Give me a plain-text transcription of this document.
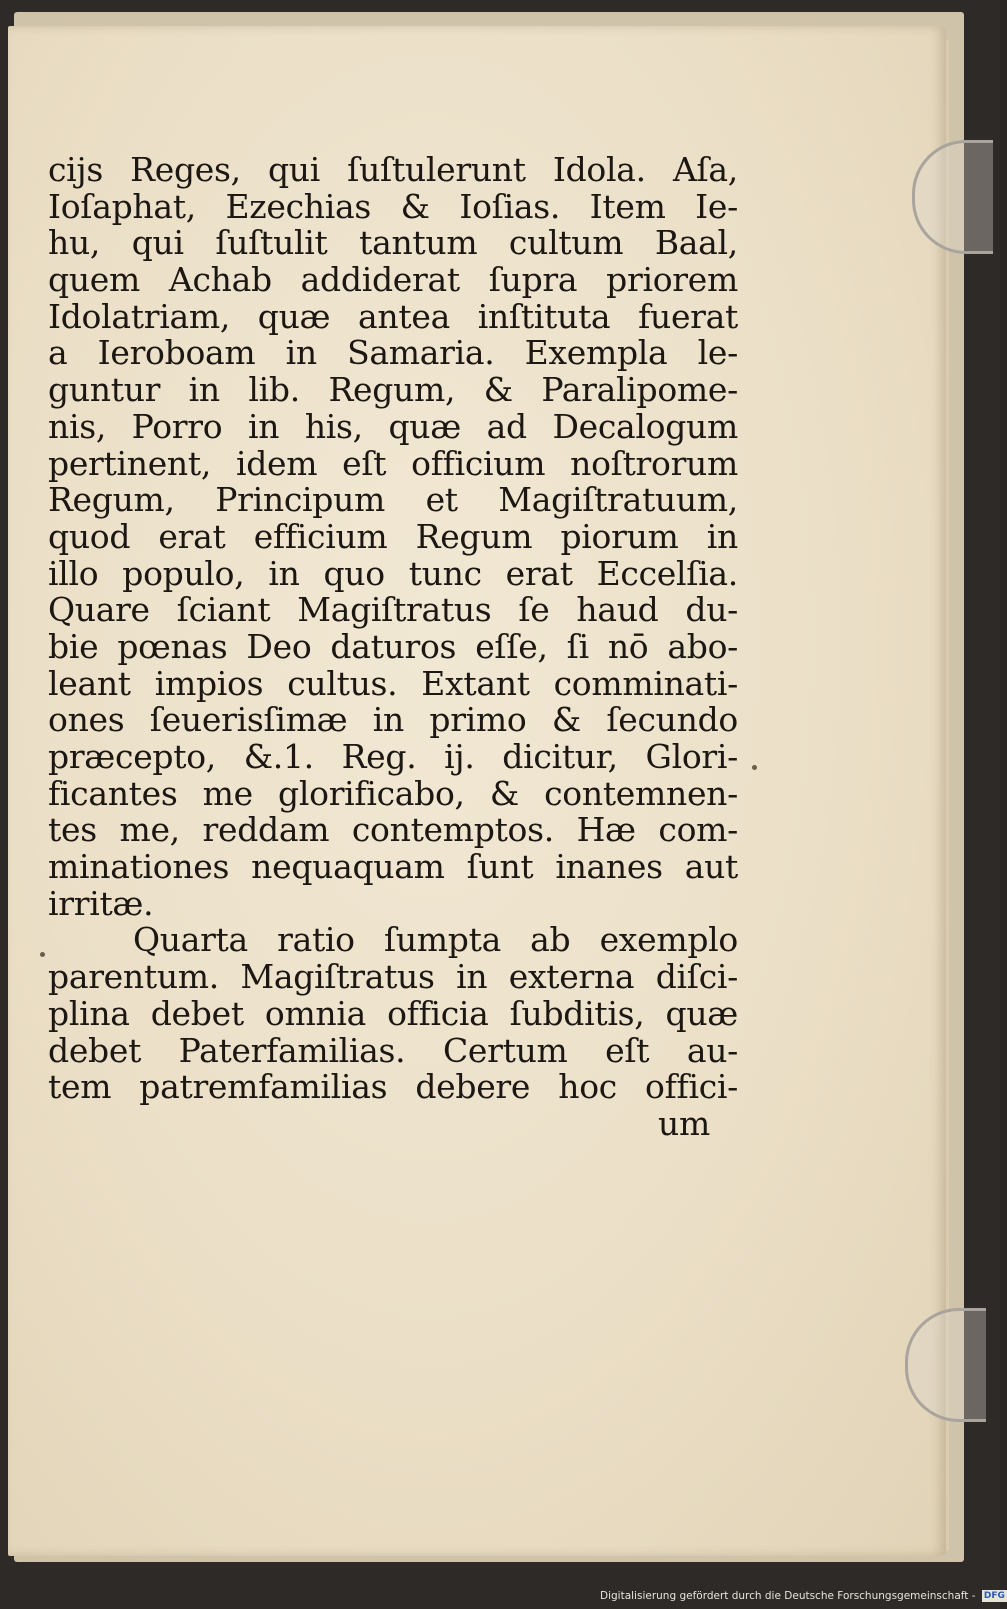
cijs Reges, qui ſuſtulerunt Idola. Aſa,
Ioſaphat, Ezechias & Ioſias. Item Ie-
hu, qui ſuſtulit tantum cultum Baal,
quem Achab addiderat ſupra priorem
Idolatriam, quæ antea inſtituta fuerat
a Ieroboam in Samaria. Exempla le-
guntur in lib. Regum, & Paralipome-
nis, Porro in his, quæ ad Decalogum
pertinent, idem eſt officium noſtrorum
Regum, Principum et Magiſtratuum,
quod erat efficium Regum piorum in
illo populo, in quo tunc erat Eccelſia.
Quare ſciant Magiſtratus ſe haud du-
bie pœnas Deo daturos eſſe, ſi nō abo-
leant impios cultus. Extant comminati-
ones ſeuerisſimæ in primo & ſecundo
præcepto, &.1. Reg. ij. dicitur, Glori-
ficantes me glorificabo, & contemnen-
tes me, reddam contemptos. Hæ com-
minationes nequaquam ſunt inanes aut
irritæ.
Quarta ratio ſumpta ab exemplo
parentum. Magiſtratus in externa diſci-
plina debet omnia officia ſubditis, quæ
debet Paterfamilias. Certum eſt au-
tem patremfamilias debere hoc offici-
um
Digitalisierung gefördert durch die Deutsche Forschungsgemeinschaft - DFG
